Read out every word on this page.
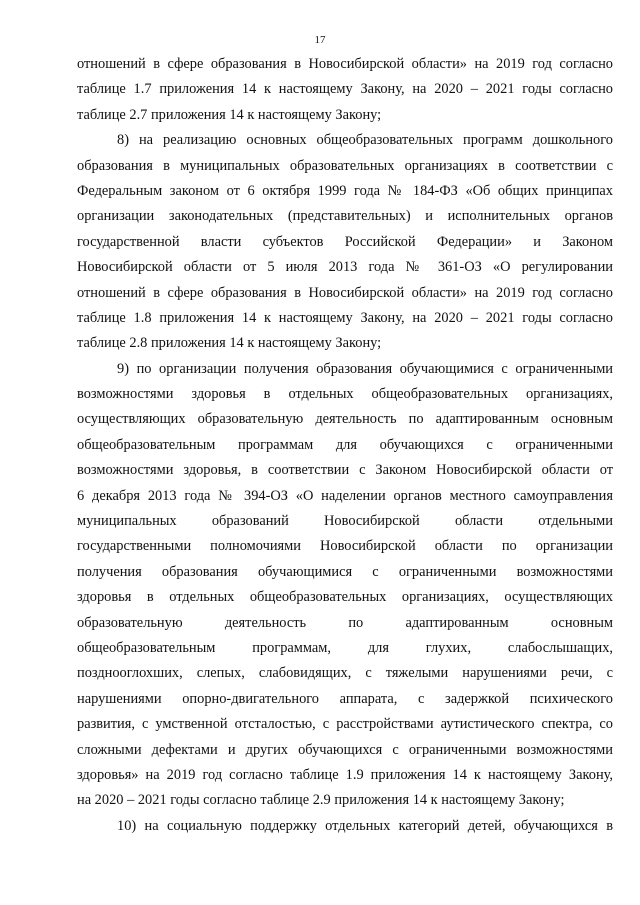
17
отношений в сфере образования в Новосибирской области» на 2019 год согласно
таблице 1.7 приложения 14 к настоящему Закону, на 2020 – 2021 годы согласно
таблице 2.7 приложения 14 к настоящему Закону;
8) на реализацию основных общеобразовательных программ дошкольного
образования в муниципальных образовательных организациях в соответствии с
Федеральным законом от 6 октября 1999 года № 184-ФЗ «Об общих принципах
организации законодательных (представительных) и исполнительных органов
государственной власти субъектов Российской Федерации» и Законом
Новосибирской области от 5 июля 2013 года № 361-ОЗ «О регулировании
отношений в сфере образования в Новосибирской области» на 2019 год согласно
таблице 1.8 приложения 14 к настоящему Закону, на 2020 – 2021 годы согласно
таблице 2.8 приложения 14 к настоящему Закону;
9) по организации получения образования обучающимися с ограниченными
возможностями здоровья в отдельных общеобразовательных организациях,
осуществляющих образовательную деятельность по адаптированным основным
общеобразовательным программам для обучающихся с ограниченными
возможностями здоровья, в соответствии с Законом Новосибирской области от
6 декабря 2013 года № 394-ОЗ «О наделении органов местного самоуправления
муниципальных образований Новосибирской области отдельными
государственными полномочиями Новосибирской области по организации
получения образования обучающимися с ограниченными возможностями
здоровья в отдельных общеобразовательных организациях, осуществляющих
образовательную деятельность по адаптированным основным
общеобразовательным программам, для глухих, слабослышащих,
позднооглохших, слепых, слабовидящих, с тяжелыми нарушениями речи, с
нарушениями опорно-двигательного аппарата, с задержкой психического
развития, с умственной отсталостью, с расстройствами аутистического спектра, со
сложными дефектами и других обучающихся с ограниченными возможностями
здоровья» на 2019 год согласно таблице 1.9 приложения 14 к настоящему Закону,
на 2020 – 2021 годы согласно таблице 2.9 приложения 14 к настоящему Закону;
10) на социальную поддержку отдельных категорий детей, обучающихся в
